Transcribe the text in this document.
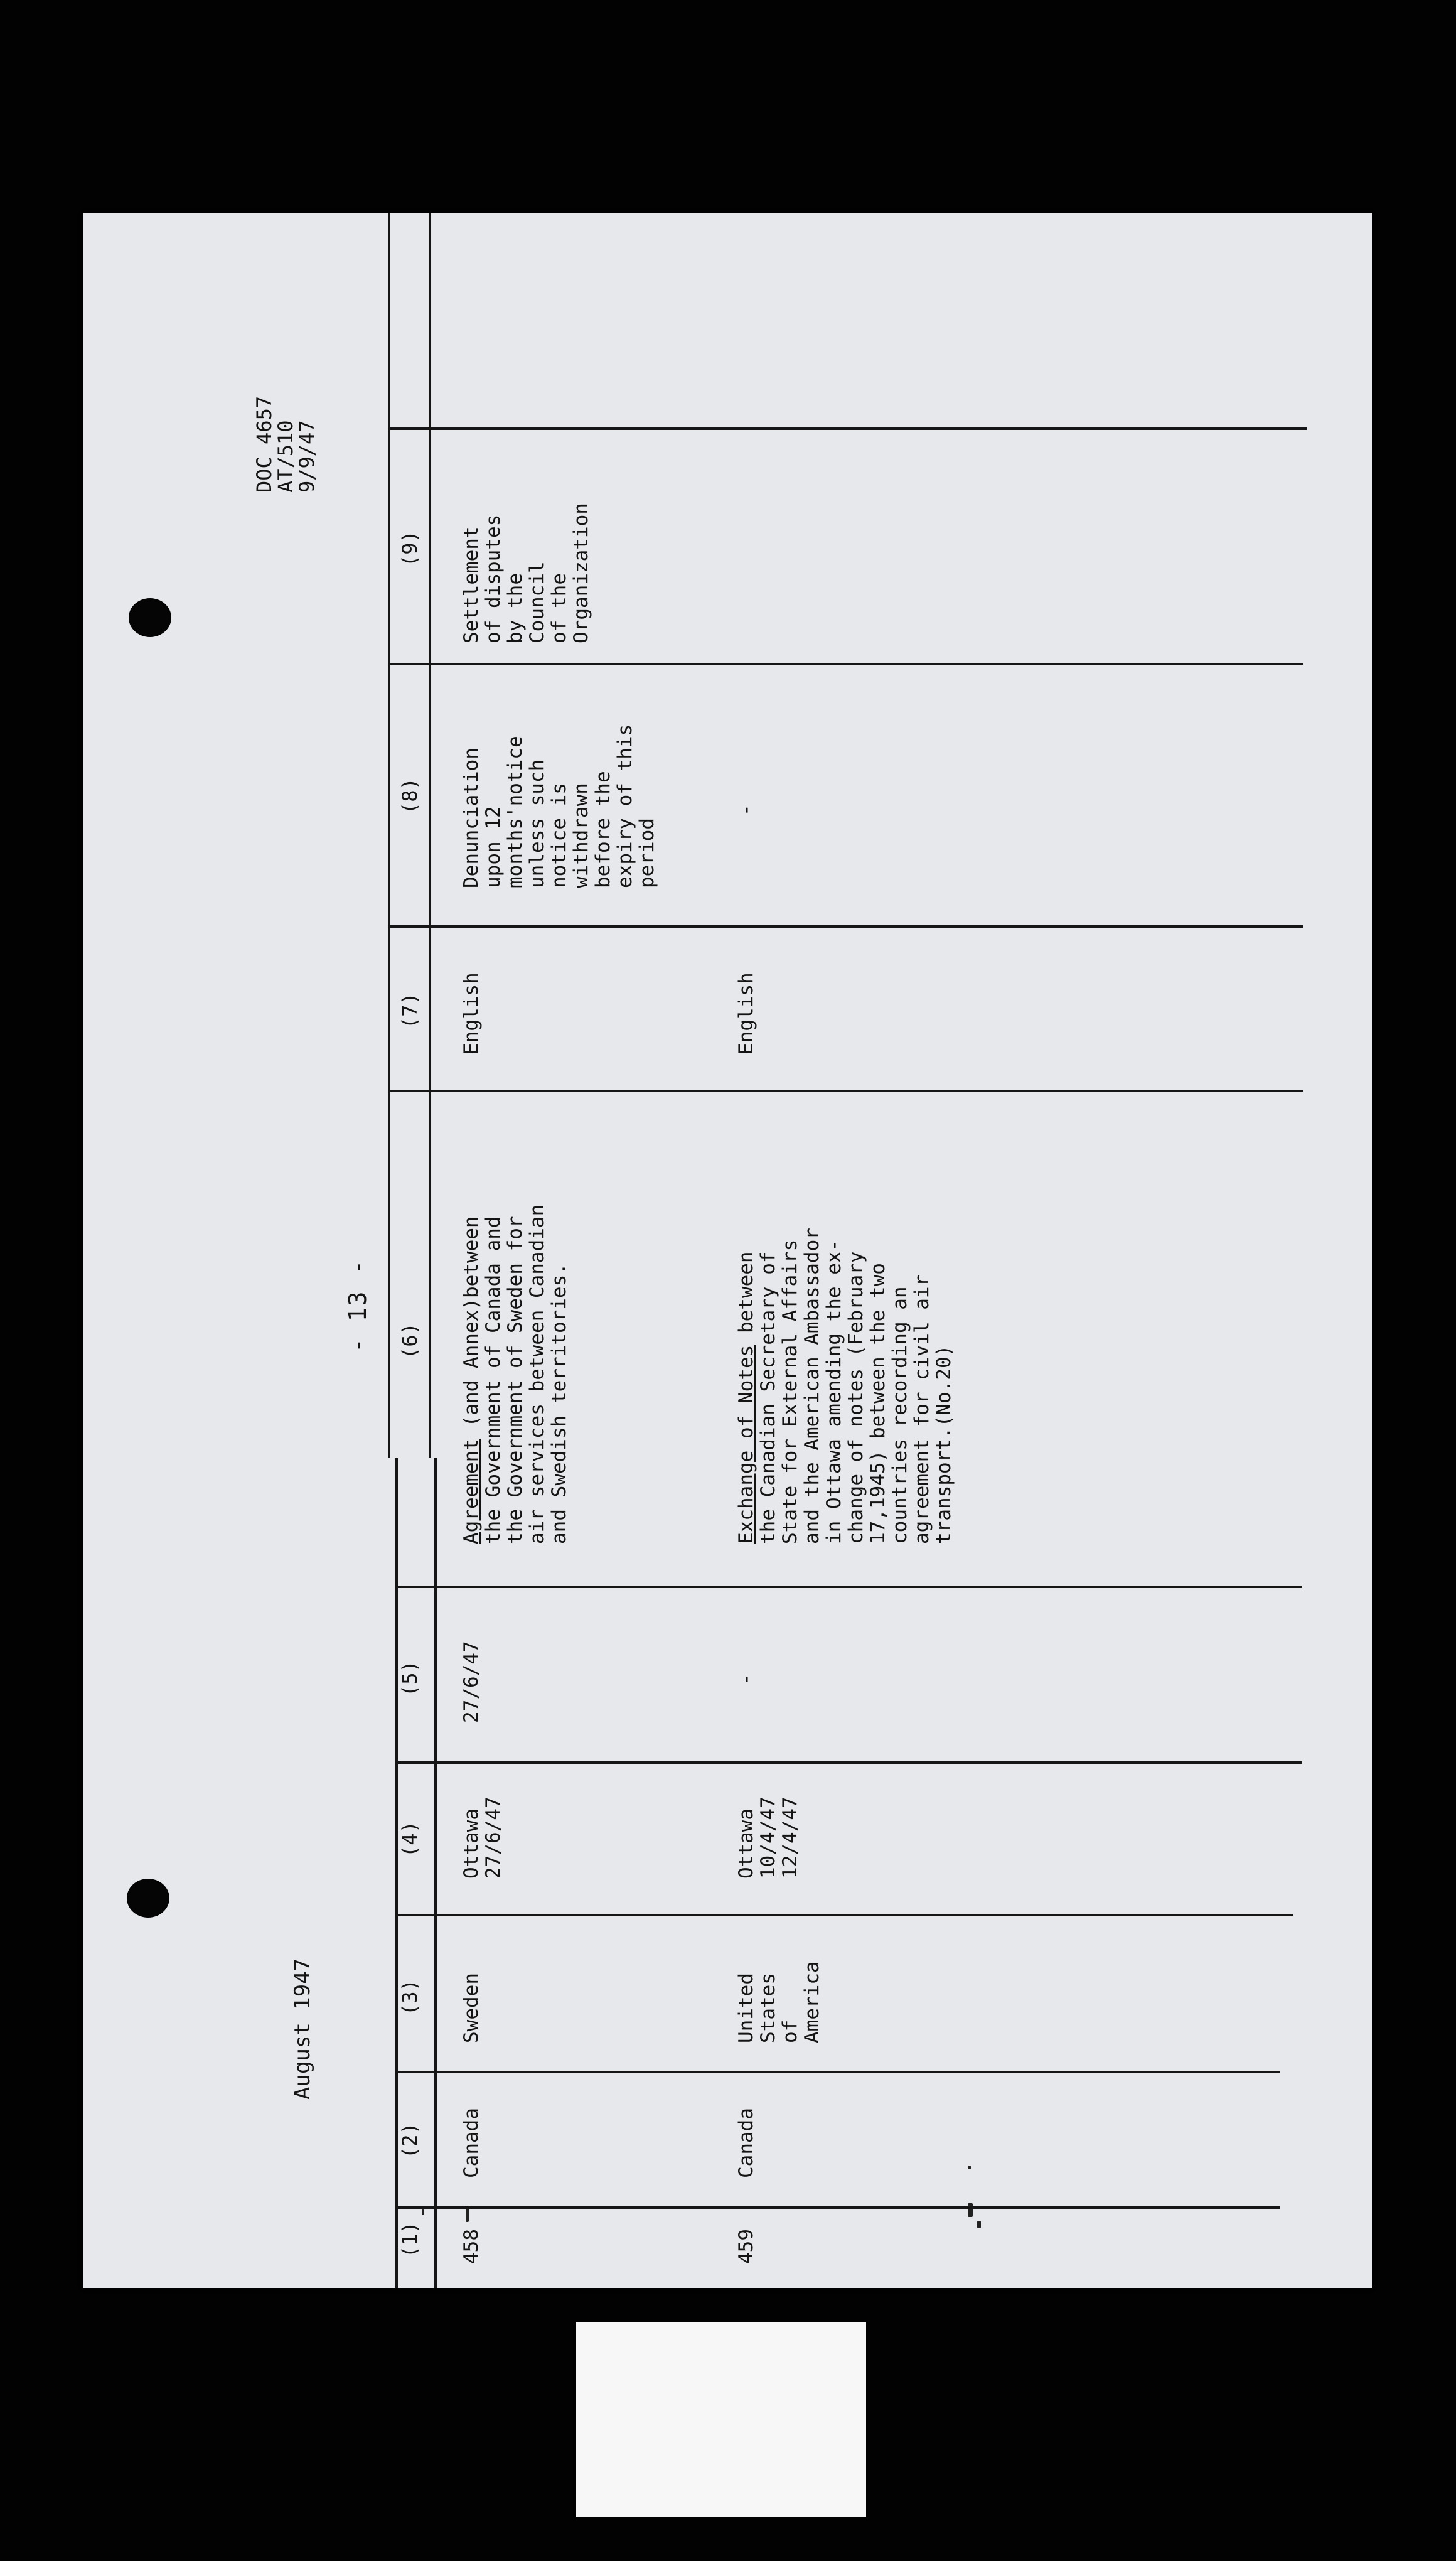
August 1947
- 13 -
DOC 4657
AT/510
9/9/47
(1)
(2)
(3)
(4)
(5)
(6)
(7)
(8)
(9)
458
Canada
Sweden
Ottawa
27/6/47
27/6/47
Agreement (and Annex)between
the Government of Canada and
the Government of Sweden for
air services between Canadian
and Swedish territories.
English
Denunciation
upon 12
months'notice
unless such
notice is
withdrawn
before the
expiry of this
period
Settlement
of disputes
by the
Council
of the
Organization
459
Canada
United
States
of
America
Ottawa
10/4/47
12/4/47
-
Exchange of Notes between
the Canadian Secretary of
State for External Affairs
and the American Ambassador
in Ottawa amending the ex-
change of notes (February
17,1945) between the two
countries recording an
agreement for civil air
transport.(No.20)
English
-
